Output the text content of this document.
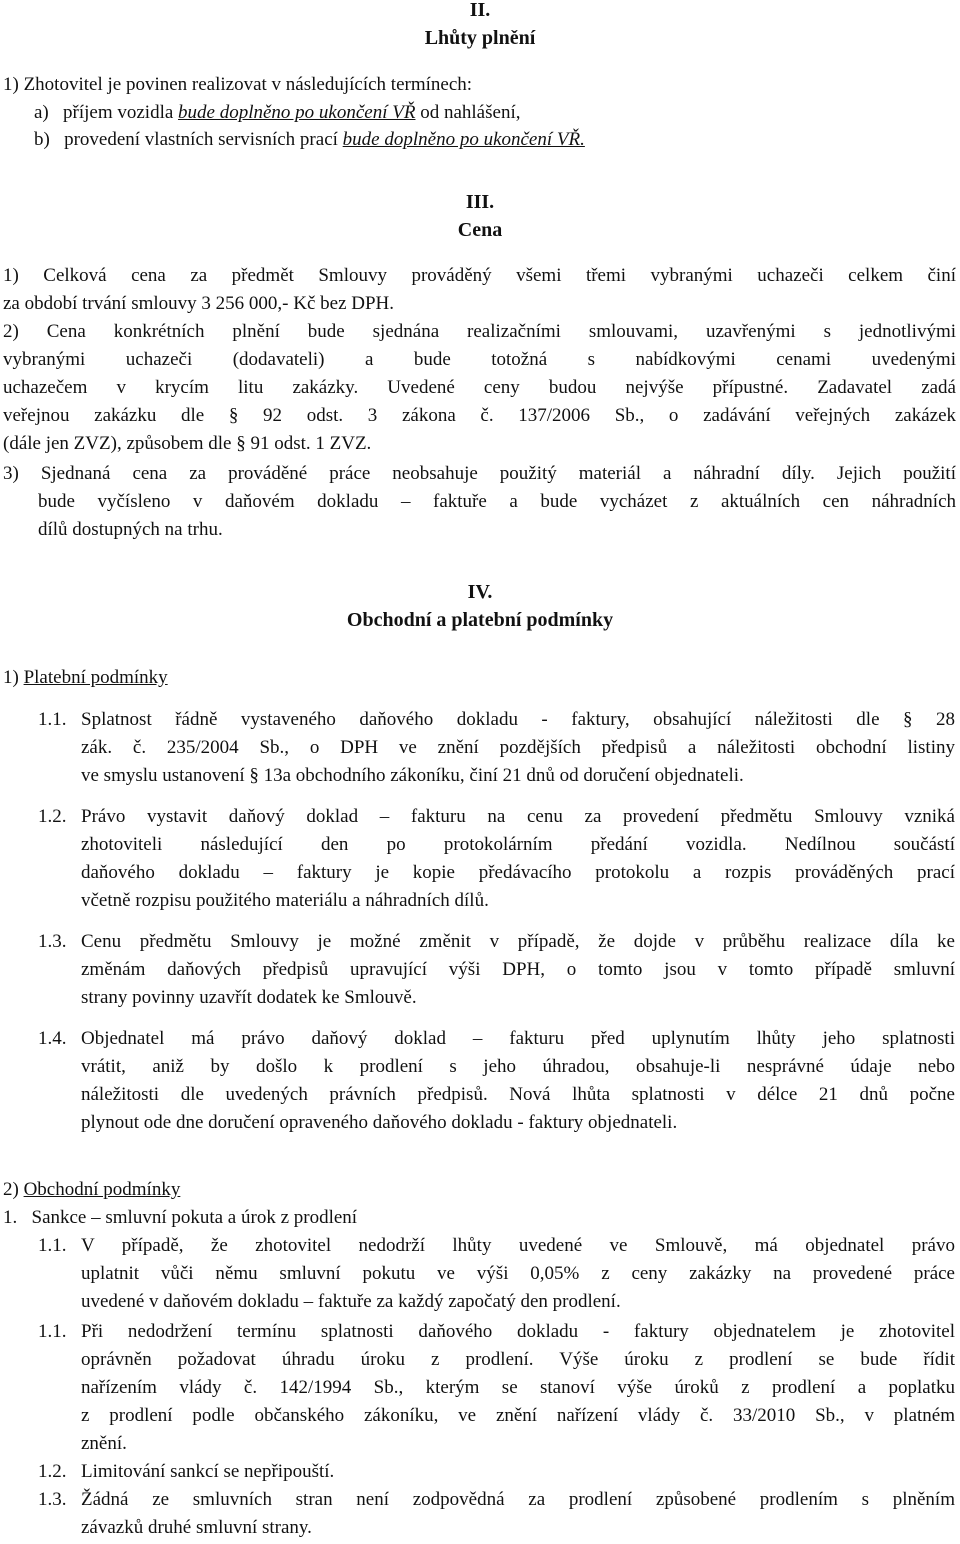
II.
Lhůty plnění
1) Zhotovitel je povinen realizovat v následujících termínech:
a)   příjem vozidla bude doplněno po ukončení VŘ od nahlášení,
b)   provedení vlastních servisních prací bude doplněno po ukončení VŘ.
III.
Cena
1) Celková cena za předmět Smlouvy prováděný všemi třemi vybranými uchazeči celkem činí
za období trvání smlouvy 3 256 000,- Kč bez DPH.
2) Cena konkrétních plnění bude sjednána realizačními smlouvami, uzavřenými s jednotlivými
vybranými uchazeči (dodavateli) a bude totožná s nabídkovými cenami uvedenými
uchazečem v krycím litu zakázky. Uvedené ceny budou nejvýše přípustné. Zadavatel zadá
veřejnou zakázku dle § 92 odst. 3 zákona č. 137/2006 Sb., o zadávání veřejných zakázek
(dále jen ZVZ), způsobem dle § 91 odst. 1 ZVZ.
3) Sjednaná cena za prováděné práce neobsahuje použitý materiál a náhradní díly. Jejich použití
bude vyčísleno v daňovém dokladu – faktuře a bude vycházet z aktuálních cen náhradních
dílů dostupných na trhu.
IV.
Obchodní a platební podmínky
1) Platební podmínky
1.1. Splatnost řádně vystaveného daňového dokladu - faktury, obsahující náležitosti dle § 28
zák. č. 235/2004 Sb., o DPH ve znění pozdějších předpisů a náležitosti obchodní listiny
ve smyslu ustanovení § 13a obchodního zákoníku, činí 21 dnů od doručení objednateli.
1.2. Právo vystavit daňový doklad – fakturu na cenu za provedení předmětu Smlouvy vzniká
zhotoviteli následující den po protokolárním předání vozidla. Nedílnou součástí
daňového dokladu – faktury je kopie předávacího protokolu a rozpis prováděných prací
včetně rozpisu použitého materiálu a náhradních dílů.
1.3. Cenu předmětu Smlouvy je možné změnit v případě, že dojde v průběhu realizace díla ke
změnám daňových předpisů upravující výši DPH, o tomto jsou v tomto případě smluvní
strany povinny uzavřít dodatek ke Smlouvě.
1.4. Objednatel má právo daňový doklad – fakturu před uplynutím lhůty jeho splatnosti
vrátit, aniž by došlo k prodlení s jeho úhradou, obsahuje-li nesprávné údaje nebo
náležitosti dle uvedených právních předpisů. Nová lhůta splatnosti v délce 21 dnů počne
plynout ode dne doručení opraveného daňového dokladu - faktury objednateli.
2) Obchodní podmínky
1.   Sankce – smluvní pokuta a úrok z prodlení
1.1. V případě, že zhotovitel nedodrží lhůty uvedené ve Smlouvě, má objednatel právo
uplatnit vůči němu smluvní pokutu ve výši 0,05% z ceny zakázky na provedené práce
uvedené v daňovém dokladu – faktuře za každý započatý den prodlení.
1.1. Při nedodržení termínu splatnosti daňového dokladu - faktury objednatelem je zhotovitel
oprávněn požadovat úhradu úroku z prodlení. Výše úroku z prodlení se bude řídit
nařízením vlády č. 142/1994 Sb., kterým se stanoví výše úroků z prodlení a poplatku
z prodlení podle občanského zákoníku, ve znění nařízení vlády č. 33/2010 Sb., v platném
znění.
1.2. Limitování sankcí se nepřipouští.
1.3. Žádná ze smluvních stran není zodpovědná za prodlení způsobené prodlením s plněním
závazků druhé smluvní strany.
